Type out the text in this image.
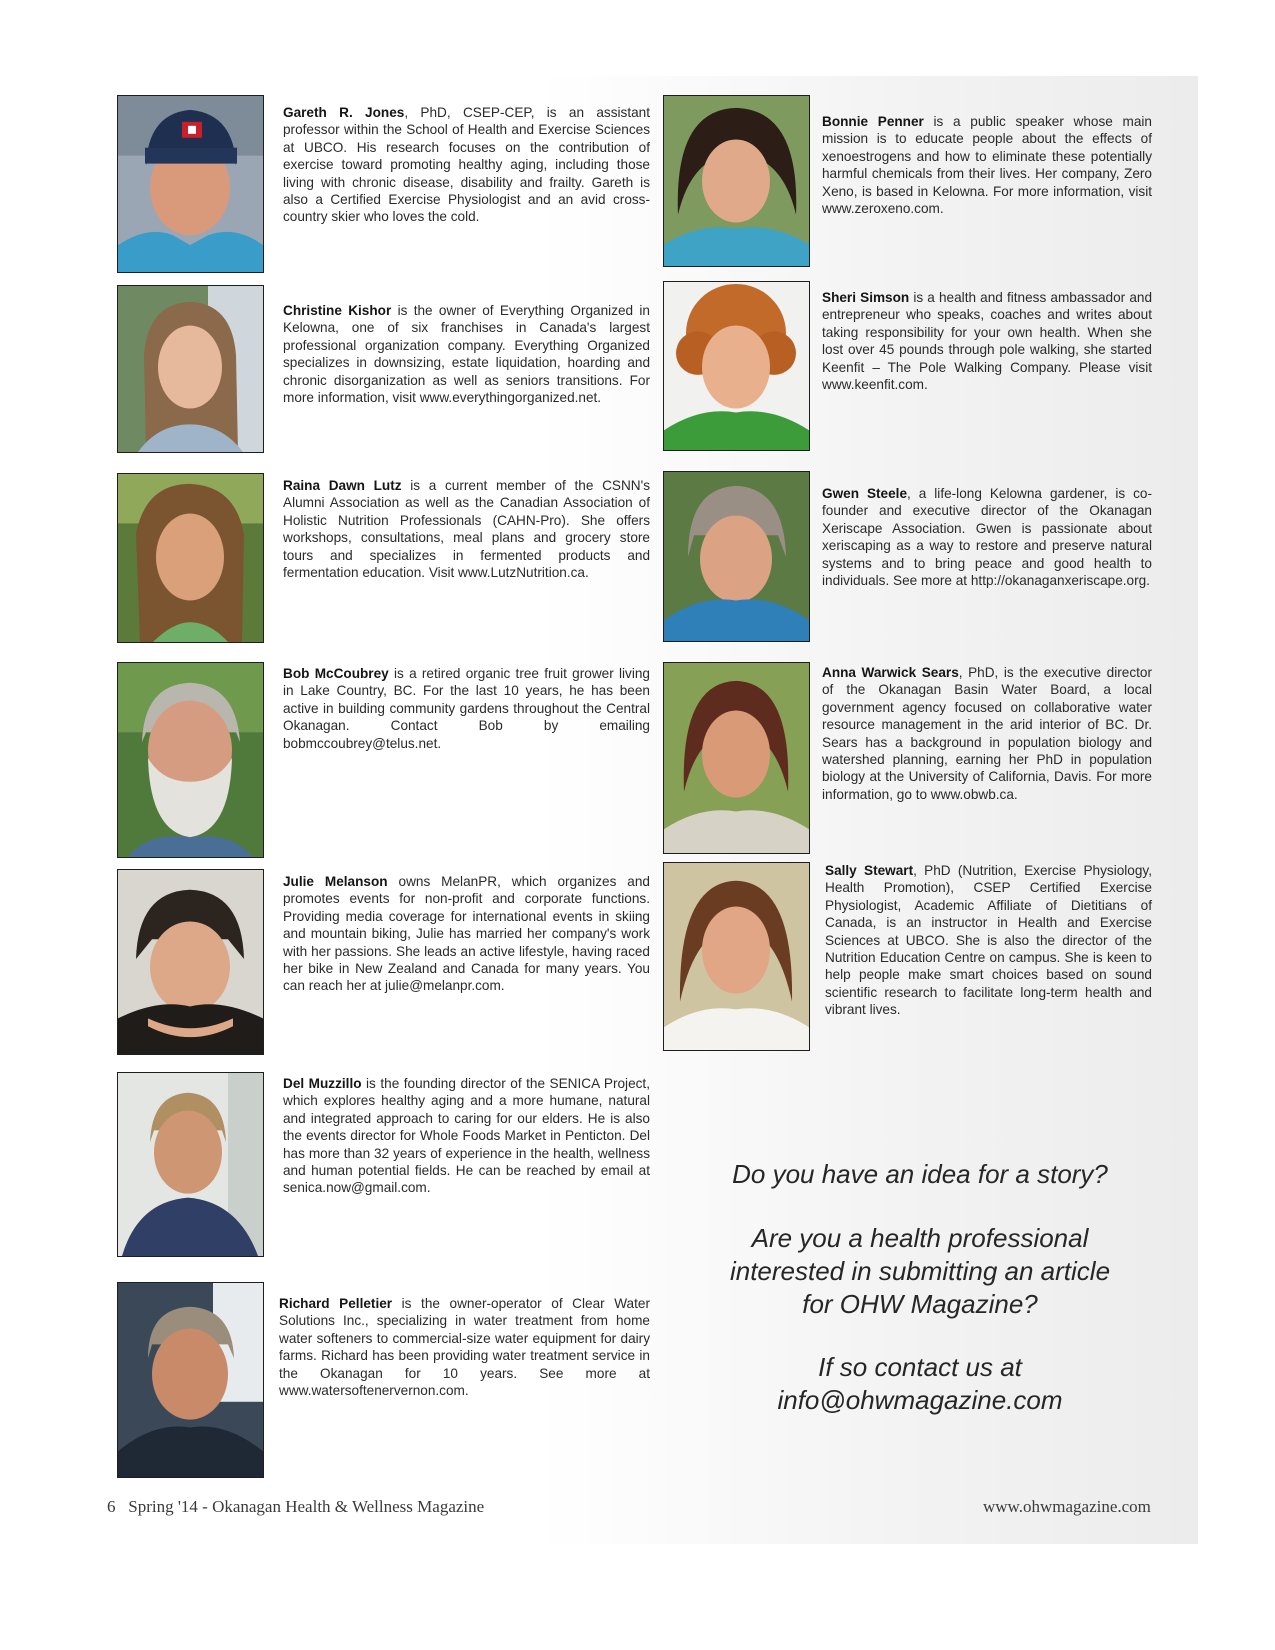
Gareth R. Jones, PhD, CSEP-CEP, is an assistant professor within the School of Health and Exercise Sciences at UBCO. His research focuses on the contribution of exercise toward promoting healthy aging, including those living with chronic disease, disability and frailty. Gareth is also a Certified Exercise Physiologist and an avid cross-country skier who loves the cold.

Christine Kishor is the owner of Everything Organized in Kelowna, one of six franchises in Canada's largest professional organization company. Everything Organized specializes in downsizing, estate liquidation, hoarding and chronic disorganization as well as seniors transitions. For more information, visit www.everythingorganized.net.

Raina Dawn Lutz is a current member of the CSNN's Alumni Association as well as the Canadian Association of Holistic Nutrition Professionals (CAHN-Pro). She offers workshops, consultations, meal plans and grocery store tours and specializes in fermented products and fermentation education. Visit www.LutzNutrition.ca.

Bob McCoubrey is a retired organic tree fruit grower living in Lake Country, BC. For the last 10 years, he has been active in building community gardens throughout the Central Okanagan. Contact Bob by emailing bobmccoubrey@telus.net.

Julie Melanson owns MelanPR, which organizes and promotes events for non-profit and corporate functions. Providing media coverage for international events in skiing and mountain biking, Julie has married her company's work with her passions. She leads an active lifestyle, having raced her bike in New Zealand and Canada for many years. You can reach her at julie@melanpr.com.

Del Muzzillo is the founding director of the SENICA Project, which explores healthy aging and a more humane, natural and integrated approach to caring for our elders. He is also the events director for Whole Foods Market in Penticton. Del has more than 32 years of experience in the health, wellness and human potential fields. He can be reached by email at senica.now@gmail.com.

Richard Pelletier is the owner-operator of Clear Water Solutions Inc., specializing in water treatment from home water softeners to commercial-size water equipment for dairy farms. Richard has been providing water treatment service in the Okanagan for 10 years. See more at www.watersoftenervernon.com.

Bonnie Penner is a public speaker whose main mission is to educate people about the effects of xenoestrogens and how to eliminate these potentially harmful chemicals from their lives. Her company, Zero Xeno, is based in Kelowna. For more information, visit www.zeroxeno.com.

Sheri Simson is a health and fitness ambassador and entrepreneur who speaks, coaches and writes about taking responsibility for your own health. When she lost over 45 pounds through pole walking, she started Keenfit – The Pole Walking Company. Please visit www.keenfit.com.

Gwen Steele, a life-long Kelowna gardener, is co-founder and executive director of the Okanagan Xeriscape Association. Gwen is passionate about xeriscaping as a way to restore and preserve natural systems and to bring peace and good health to individuals. See more at http://okanaganxeriscape.org.

Anna Warwick Sears, PhD, is the executive director of the Okanagan Basin Water Board, a local government agency focused on collaborative water resource management in the arid interior of BC. Dr. Sears has a background in population biology and watershed planning, earning her PhD in population biology at the University of California, Davis. For more information, go to www.obwb.ca.

Sally Stewart, PhD (Nutrition, Exercise Physiology, Health Promotion), CSEP Certified Exercise Physiologist, Academic Affiliate of Dietitians of Canada, is an instructor in Health and Exercise Sciences at UBCO. She is also the director of the Nutrition Education Centre on campus. She is keen to help people make smart choices based on sound scientific research to facilitate long-term health and vibrant lives.

Do you have an idea for a story?

Are you a health professional interested in submitting an article for OHW Magazine?

If so contact us at
info@ohwmagazine.com

6   Spring '14 - Okanagan Health & Wellness Magazine	www.ohwmagazine.com
